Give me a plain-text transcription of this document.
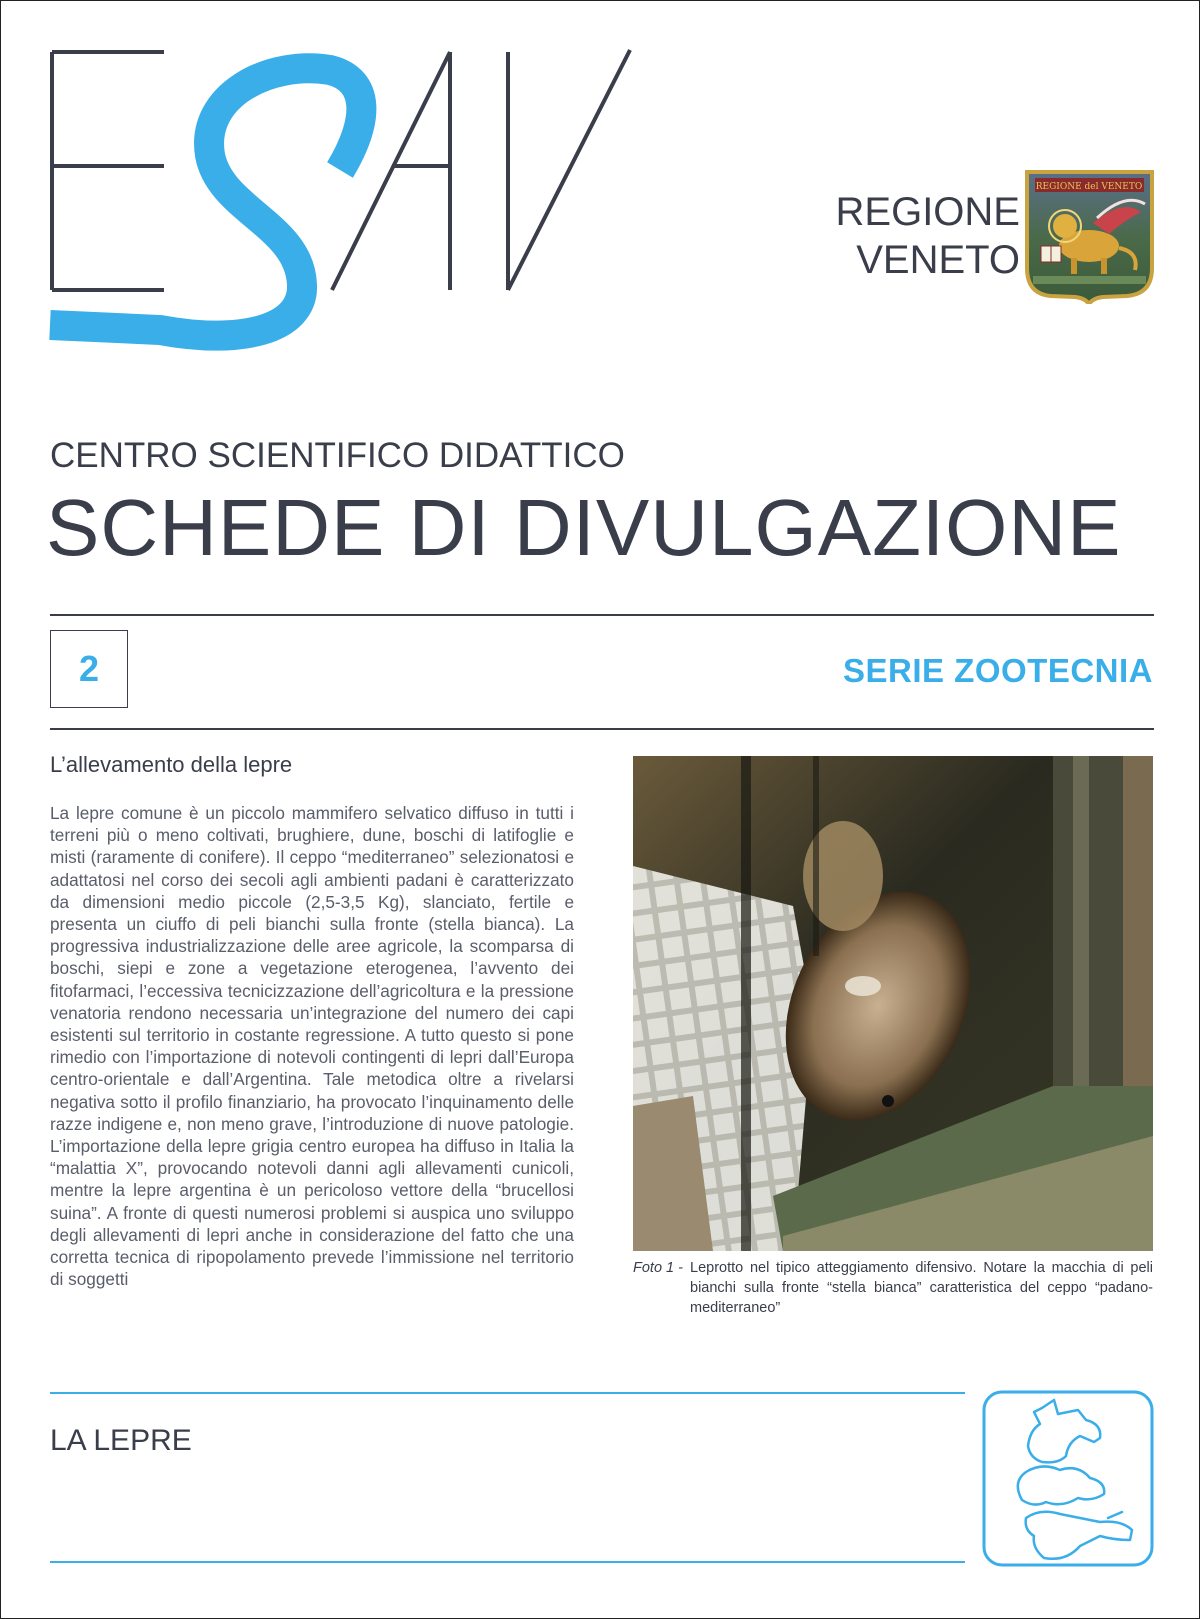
REGIONE
VENETO
REGIONE del VENETO
CENTRO SCIENTIFICO DIDATTICO
SCHEDE DI DIVULGAZIONE
2	SERIE ZOOTECNIA
L’allevamento della lepre
La lepre comune è un piccolo mammifero selvatico diffuso in tutti i terreni più o meno coltivati, brughiere, dune, boschi di latifoglie e misti (raramente di conifere). Il ceppo “mediterraneo” selezionatosi e adattatosi nel corso dei secoli agli ambienti padani è caratterizzato da dimensioni medio piccole (2,5-3,5 Kg), slanciato, fertile e presenta un ciuffo di peli bianchi sulla fronte (stella bianca). La progressiva industrializzazione delle aree agricole, la scomparsa di boschi, siepi e zone a vegetazione eterogenea, l’avvento dei fitofarmaci, l’eccessiva tecnicizzazione dell’agricoltura e la pressione venatoria rendono necessaria un’integrazione del numero dei capi esistenti sul territorio in costante regressione. A tutto questo si pone rimedio con l’importazione di notevoli contingenti di lepri dall’Europa centro-orientale e dall’Argentina. Tale metodica oltre a rivelarsi negativa sotto il profilo finanziario, ha provocato l’inquinamento delle razze indigene e, non meno grave, l’introduzione di nuove patologie. L’importazione della lepre grigia centro europea ha diffuso in Italia la “malattia X”, provocando notevoli danni agli allevamenti cunicoli, mentre la lepre argentina è un pericoloso vettore della “brucellosi suina”. A fronte di questi numerosi problemi si auspica uno sviluppo degli allevamenti di lepri anche in considerazione del fatto che una corretta tecnica di ripopolamento prevede l’immissione nel territorio di soggetti
Foto 1 - Leprotto nel tipico atteggiamento difensivo. Notare la macchia di peli bianchi sulla fronte “stella bianca” caratteristica del ceppo “padano-mediterraneo”
LA LEPRE
